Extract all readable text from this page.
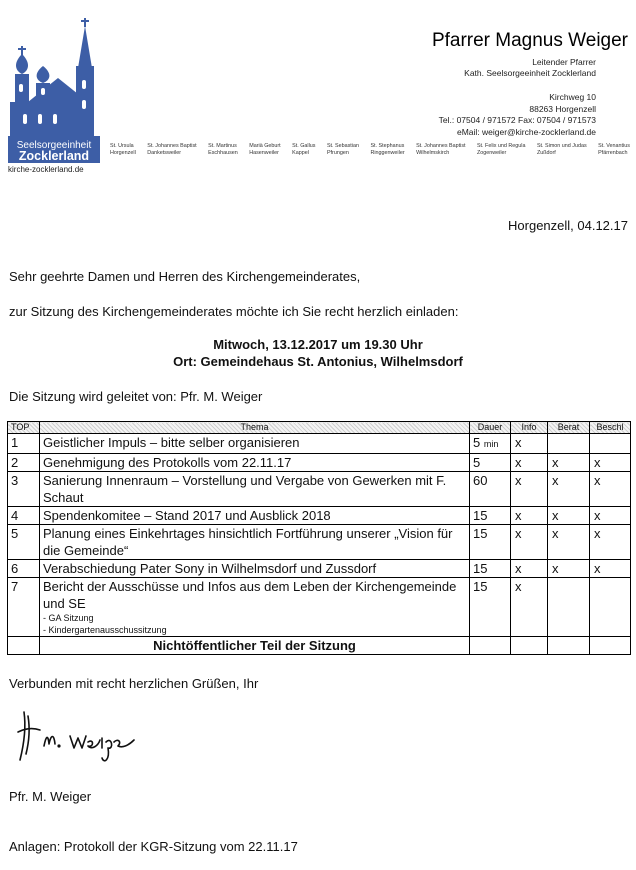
Seelsorgeeinheit
Zocklerland
kirche-zocklerland.de
Pfarrer Magnus Weiger
Leitender Pfarrer
Kath. Seelsorgeeinheit Zocklerland
Kirchweg 10
88263 Horgenzell
Tel.: 07504 / 971572 Fax: 07504 / 971573
eMail: weiger@kirche-zocklerland.de
St. Ursula
Horgenzell
St. Johannes Baptist
Danketsweiler
St. Martinus
Eschhausen
Mariä Geburt
Hasenweiler
St. Gallus
Kappel
St. Sebastian
Pfrungen
St. Stephanus
Ringgenweiler
St. Johannes Baptist
Wilhelmskirch
St. Felix und Regula
Zogenweiler
St. Simon und Judas
Zußdorf
St. Venantius
Pfärrenbach
Horgenzell, 04.12.17
Sehr geehrte Damen und Herren des Kirchengemeinderates,
zur Sitzung des Kirchengemeinderates möchte ich Sie recht herzlich einladen:
Mitwoch, 13.12.2017 um 19.30 Uhr
Ort: Gemeindehaus St. Antonius, Wilhelmsdorf
Die Sitzung wird geleitet von: Pfr. M. Weiger
TOP	Thema	Dauer	Info	Berat	Beschl
1	Geistlicher Impuls – bitte selber organisieren	5 min	x		
2	Genehmigung des Protokolls vom 22.11.17	5	x	x	x
3	Sanierung Innenraum – Vorstellung und Vergabe von Gewerken mit F. Schaut	60	x	x	x
4	Spendenkomitee – Stand 2017 und Ausblick 2018	15	x	x	x
5	Planung eines Einkehrtages hinsichtlich Fortführung unserer „Vision für die Gemeinde“	15	x	x	x
6	Verabschiedung Pater Sony in Wilhelmsdorf und Zussdorf	15	x	x	x
7	Bericht der Ausschüsse und Infos aus dem Leben der Kirchengemeinde und SE
- GA Sitzung
- Kindergartenausschussitzung	15	x		
	Nichtöffentlicher Teil der Sitzung				
Verbunden mit recht herzlichen Grüßen, Ihr
Pfr. M. Weiger
Anlagen: Protokoll der KGR-Sitzung vom 22.11.17
